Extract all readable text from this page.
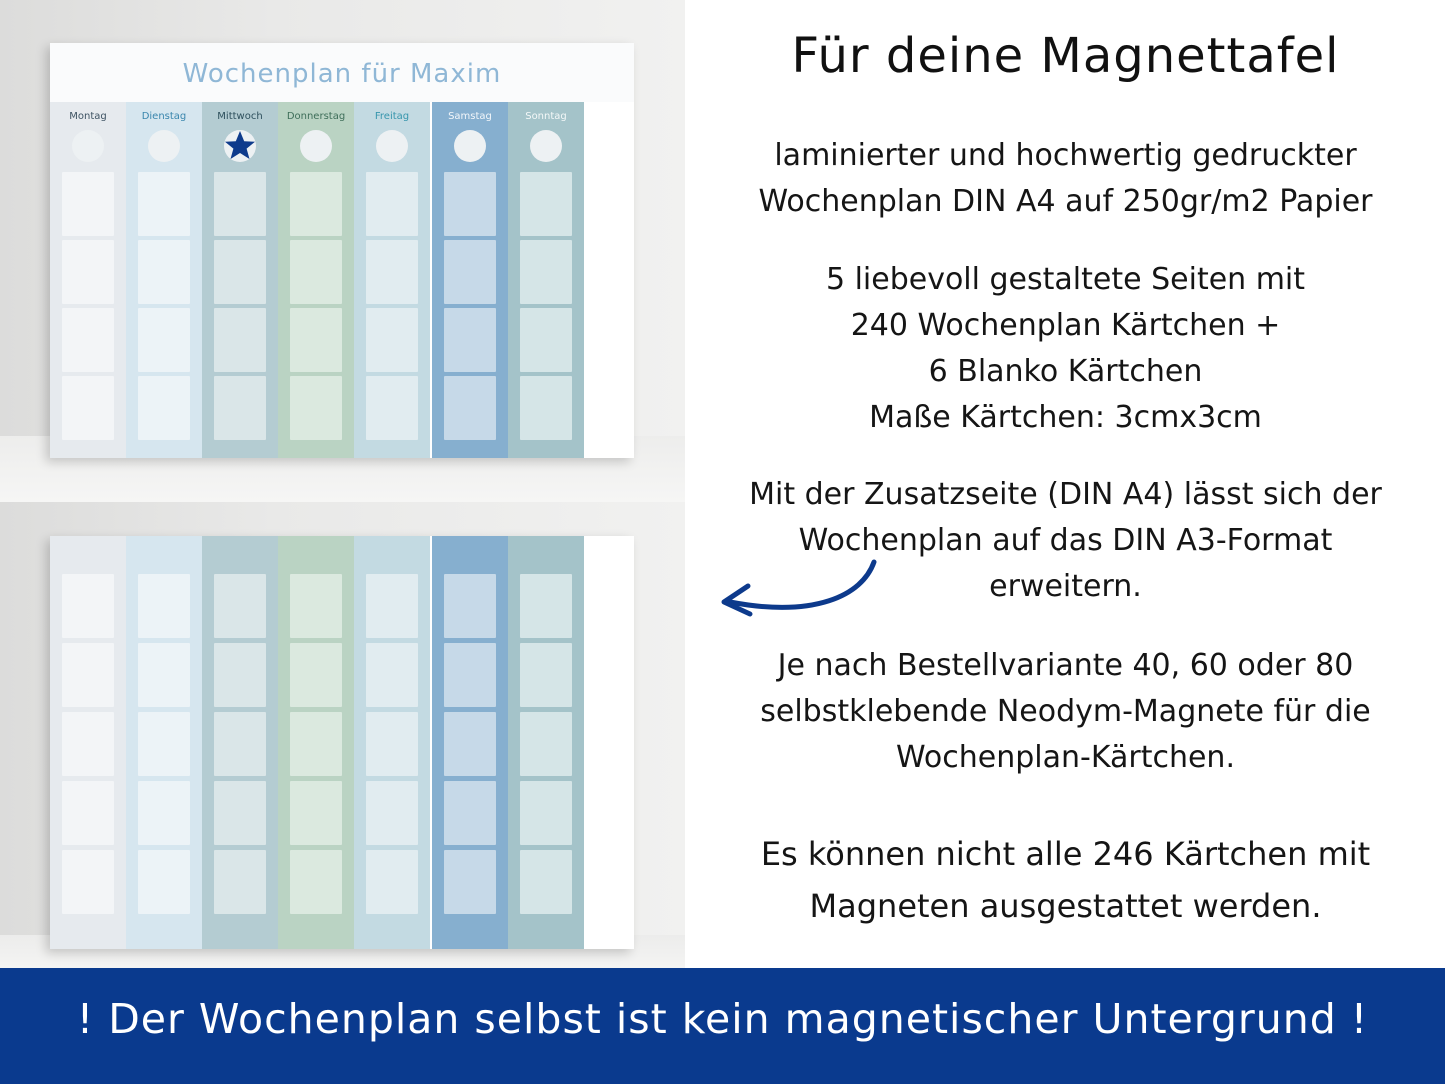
Wochenplan für Maxim
Montag	Dienstag	Mittwoch	Donnerstag	Freitag	Samstag	Sonntag
Für deine Magnettafel
laminierter und hochwertig gedruckter
Wochenplan DIN A4 auf 250gr/m2 Papier
5 liebevoll gestaltete Seiten mit
240 Wochenplan Kärtchen +
6 Blanko Kärtchen
Maße Kärtchen: 3cmx3cm
Mit der Zusatzseite (DIN A4) lässt sich der
Wochenplan auf das DIN A3-Format
erweitern.
Je nach Bestellvariante 40, 60 oder 80
selbstklebende Neodym-Magnete für die
Wochenplan-Kärtchen.
Es können nicht alle 246 Kärtchen mit
Magneten ausgestattet werden.
! Der Wochenplan selbst ist kein magnetischer Untergrund !
